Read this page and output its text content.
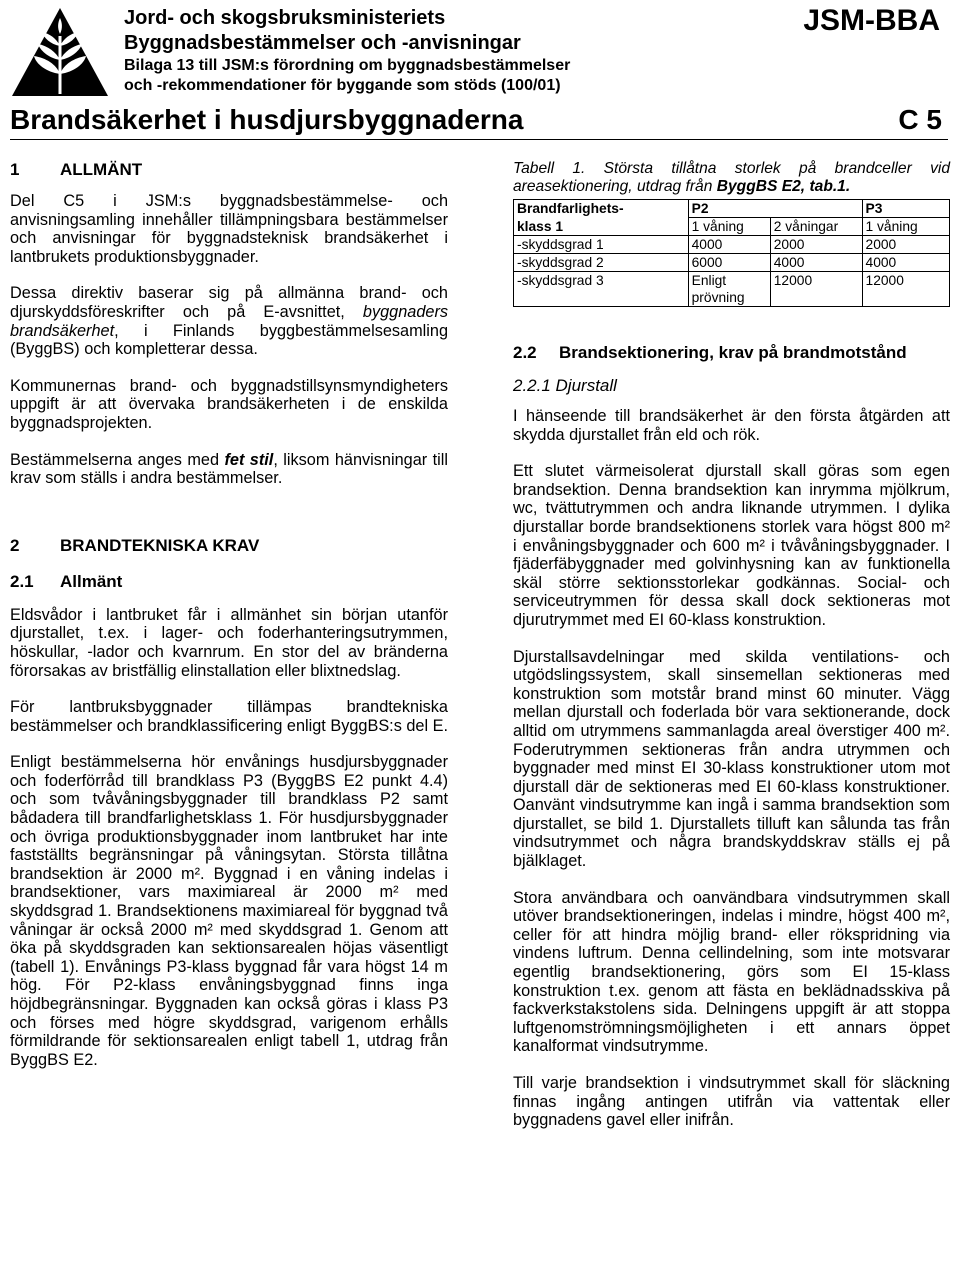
Jord- och skogsbruksministeriets
Byggnadsbestämmelser och -anvisningar
Bilaga 13 till JSM:s förordning om byggnadsbestämmelser
och -rekommendationer för byggande som stöds (100/01)
JSM-BBA
Brandsäkerhet i husdjursbyggnaderna	C 5
1 ALLMÄNT

Del C5 i JSM:s byggnadsbestämmelse- och anvisningsamling innehåller tillämpningsbara bestämmelser och anvisningar för byggnadsteknisk brandsäkerhet i lantbrukets produktionsbyggnader.

Dessa direktiv baserar sig på allmänna brand- och djurskyddsföreskrifter och på E-avsnittet, byggnaders brandsäkerhet, i Finlands byggbestämmelsesamling (ByggBS) och kompletterar dessa.

Kommunernas brand- och byggnadstillsynsmyndigheters uppgift är att övervaka brandsäkerheten i de enskilda byggnadsprojekten.

Bestämmelserna anges med fet stil, liksom hänvisningar till krav som ställs i andra bestämmelser.

2 BRANDTEKNISKA KRAV
2.1 Allmänt

Eldsvådor i lantbruket får i allmänhet sin början utanför djurstallet, t.ex. i lager- och foderhanteringsutrymmen, höskullar, -lador och kvarnrum. En stor del av bränderna förorsakas av bristfällig elinstallation eller blixtnedslag.

För lantbruksbyggnader tillämpas brandtekniska bestämmelser och brandklassificering enligt ByggBS:s del E.

Enligt bestämmelserna hör envånings husdjursbyggnader och foderförråd till brandklass P3 (ByggBS E2 punkt 4.4) och som tvåvåningsbyggnader till brandklass P2 samt bådadera till brandfarlighetsklass 1. För husdjursbyggnader och övriga produktionsbyggnader inom lantbruket har inte fastställts begränsningar på våningsytan. Största tillåtna brandsektion är 2000 m². Byggnad i en våning indelas i brandsektioner, vars maximiareal är 2000 m² med skyddsgrad 1. Brandsektionens maximiareal för byggnad två våningar är också 2000 m² med skyddsgrad 1. Genom att öka på skyddsgraden kan sektionsarealen höjas väsentligt (tabell 1). Envånings P3-klass byggnad får vara högst 14 m hög. För P2-klass envåningsbyggnad finns inga höjdbegränsningar. Byggnaden kan också göras i klass P3 och förses med högre skyddsgrad, varigenom erhålls förmildrande för sektionsarealen enligt tabell 1, utdrag från ByggBS E2.

Tabell 1. Största tillåtna storlek på brandceller vid areasektionering, utdrag från ByggBS E2, tab.1.
Brandfarlighets-	P2		P3
klass 1	1 våning	2 våningar	1 våning
-skyddsgrad 1	4000	2000	2000
-skyddsgrad 2	6000	4000	4000
-skyddsgrad 3	Enligt prövning	12000	12000
2.2 Brandsektionering, krav på brandmotstånd
2.2.1 Djurstall

I hänseende till brandsäkerhet är den första åtgärden att skydda djurstallet från eld och rök.

Ett slutet värmeisolerat djurstall skall göras som egen brandsektion. Denna brandsektion kan inrymma mjölkrum, wc, tvättutrymmen och andra liknande utrymmen. I dylika djurstallar borde brandsektionens storlek vara högst 800 m² i envåningsbyggnader och 600 m² i tvåvåningsbyggnader. I fjäderfäbyggnader med golvinhysning kan av funktionella skäl större sektionsstorlekar godkännas. Social- och serviceutrymmen för dessa skall dock sektioneras mot djurutrymmet med EI 60-klass konstruktion.

Djurstallsavdelningar med skilda ventilations- och utgödslingssystem, skall sinsemellan sektioneras med konstruktion som motstår brand minst 60 minuter. Vägg mellan djurstall och foderlada bör vara sektionerande, dock alltid om utrymmens sammanlagda areal överstiger 400 m². Foderutrymmen sektioneras från andra utrymmen och byggnader med minst EI 30-klass konstruktioner utom mot djurstall där de sektioneras med EI 60-klass konstruktioner. Oanvänt vindsutrymme kan ingå i samma brandsektion som djurstallet, se bild 1. Djurstallets tilluft kan sålunda tas från vindsutrymmet och några brandskyddskrav ställs ej på bjälklaget.

Stora användbara och oanvändbara vindsutrymmen skall utöver brandsektioneringen, indelas i mindre, högst 400 m², celler för att hindra möjlig brand- eller rökspridning via vindens luftrum. Denna cellindelning, som inte motsvarar egentlig brandsektionering, görs som EI 15-klass konstruktion t.ex. genom att fästa en beklädnadsskiva på fackverkstakstolens sida. Delningens uppgift är att stoppa luftgenomströmningsmöjligheten i ett annars öppet kanalformat vindsutrymme.

Till varje brandsektion i vindsutrymmet skall för släckning finnas ingång antingen utifrån via vattentak eller byggnadens gavel eller inifrån.
